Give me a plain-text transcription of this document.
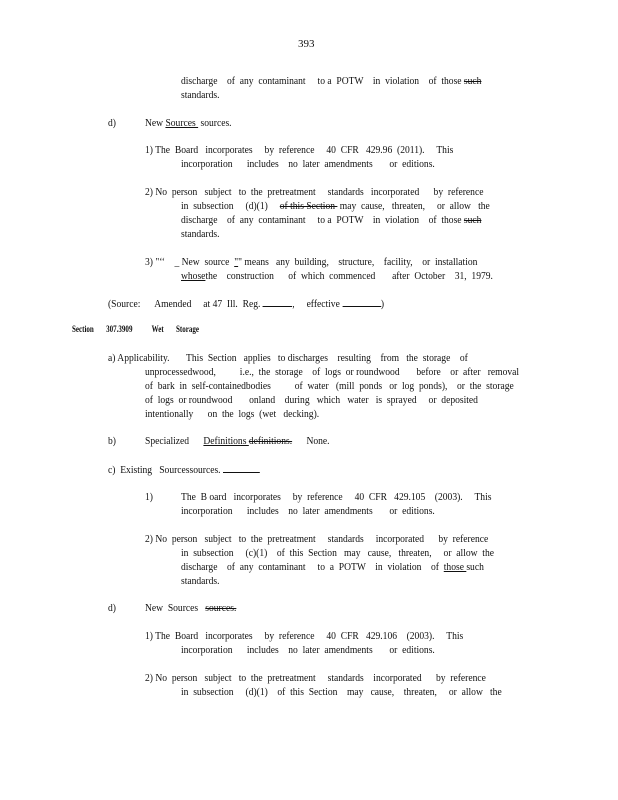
393
discharge    of  any  contaminant     to a  POTW    in  violation    of  those such
standards.
d)	New Sources  sources.
1) The  Board   incorporates     by  reference     40  CFR   429.96  (2011).     This
incorporation      includes    no  later  amendments       or  editions.
2) No  person   subject   to  the  pretreatment     standards   incorporated      by  reference
in  subsection     (d)(1)     of this Section  may  cause,   threaten,     or  allow   the
discharge    of  any  contaminant     to a  POTW    in  violation    of  those such
standards.
3) "‘‘    _ New  source  "" means   any  building,    structure,    facility,    or  installation
whosethe    construction      of  which  commenced       after  October    31,  1979.
(Source:      Amended     at 47  Ill.  Reg.	,     effective	)
Section       307.3909           Wet       Storage
a) Applicability.       This  Section   applies   to discharges    resulting    from   the  storage    of
unprocessedwood,          i.e.,  the  storage    of  logs  or roundwood       before    or  after   removal
of  bark  in  self-containedbodies          of  water   (mill  ponds   or  log  ponds),    or  the  storage
of  logs  or roundwood       onland    during   which   water   is  sprayed     or  deposited
intentionally      on  the  logs  (wet   decking).
b)	Specialized      Definitions definitions.      None.
c)  Existing   Sourcessources.
1)	The  B oard   incorporates     by  reference     40  CFR   429.105    (2003).     This
incorporation      includes    no  later  amendments       or  editions.
2) No  person   subject   to  the  pretreatment     standards     incorporated      by  reference
in  subsection     (c)(1)    of  this  Section   may   cause,   threaten,     or  allow  the
discharge    of  any  contaminant     to  a  POTW    in  violation    of  those such
standards.
d)	New  Sources   sources.
1) The  Board   incorporates     by  reference     40  CFR   429.106    (2003).     This
incorporation      includes    no  later  amendments       or  editions.
2) No  person   subject   to  the  pretreatment     standards    incorporated      by  reference
in  subsection     (d)(1)    of  this  Section    may   cause,    threaten,     or  allow   the
